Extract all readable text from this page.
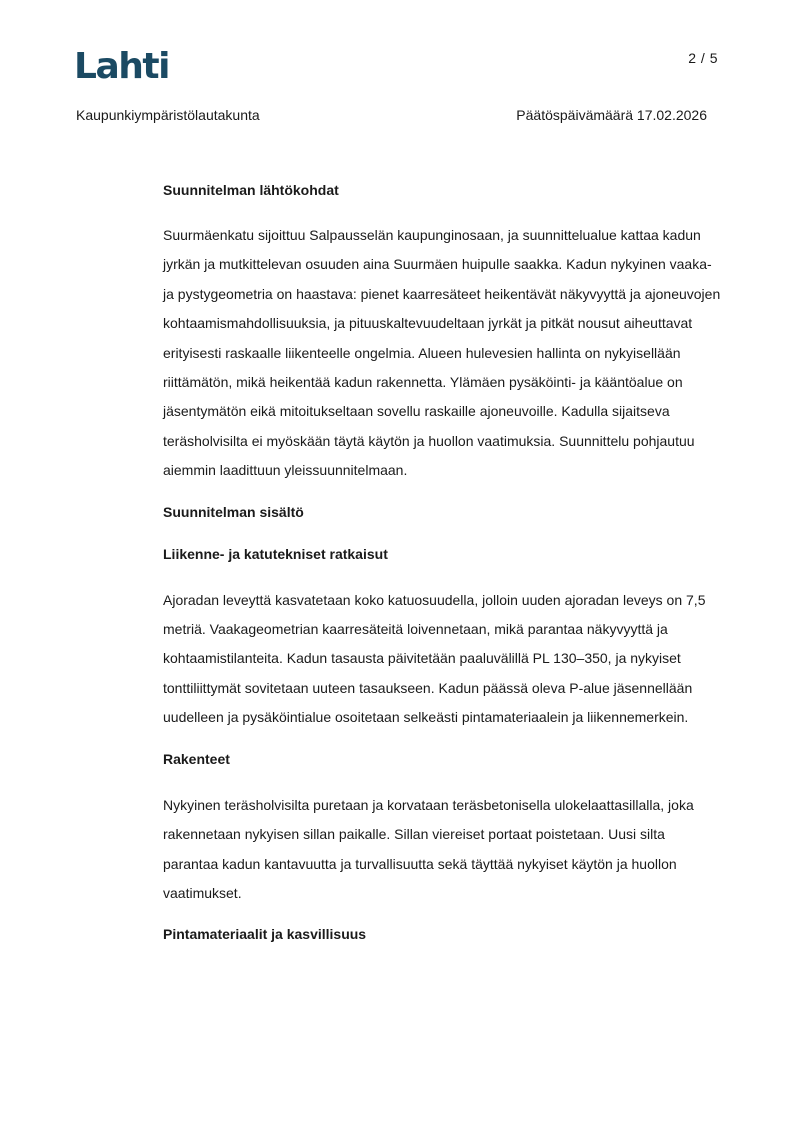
Lahti	2 / 5
Kaupunkiympäristölautakunta	Päätöspäivämäärä 17.02.2026

Suunnitelman lähtökohdat

Suurmäenkatu sijoittuu Salpausselän kaupunginosaan, ja suunnittelualue kattaa kadun jyrkän ja mutkittelevan osuuden aina Suurmäen huipulle saakka. Kadun nykyinen vaaka- ja pystygeometria on haastava: pienet kaarresäteet heikentävät näkyvyyttä ja ajoneuvojen kohtaamismahdollisuuksia, ja pituuskaltevuudeltaan jyrkät ja pitkät nousut aiheuttavat erityisesti raskaalle liikenteelle ongelmia. Alueen hulevesien hallinta on nykyisellään riittämätön, mikä heikentää kadun rakennetta. Ylämäen pysäköinti- ja kääntöalue on jäsentymätön eikä mitoitukseltaan sovellu raskaille ajoneuvoille. Kadulla sijaitseva teräsholvisilta ei myöskään täytä käytön ja huollon vaatimuksia. Suunnittelu pohjautuu aiemmin laadittuun yleissuunnitelmaan.

Suunnitelman sisältö

Liikenne- ja katutekniset ratkaisut

Ajoradan leveyttä kasvatetaan koko katuosuudella, jolloin uuden ajoradan leveys on 7,5 metriä. Vaakageometrian kaarresäteitä loivennetaan, mikä parantaa näkyvyyttä ja kohtaamistilanteita. Kadun tasausta päivitetään paaluvälillä PL 130–350, ja nykyiset tonttiliittymät sovitetaan uuteen tasaukseen. Kadun päässä oleva P-alue jäsennellään uudelleen ja pysäköintialue osoitetaan selkeästi pintamateriaalein ja liikennemerkein.

Rakenteet

Nykyinen teräsholvisilta puretaan ja korvataan teräsbetonisella ulokelaattasillalla, joka rakennetaan nykyisen sillan paikalle. Sillan viereiset portaat poistetaan. Uusi silta parantaa kadun kantavuutta ja turvallisuutta sekä täyttää nykyiset käytön ja huollon vaatimukset.

Pintamateriaalit ja kasvillisuus
